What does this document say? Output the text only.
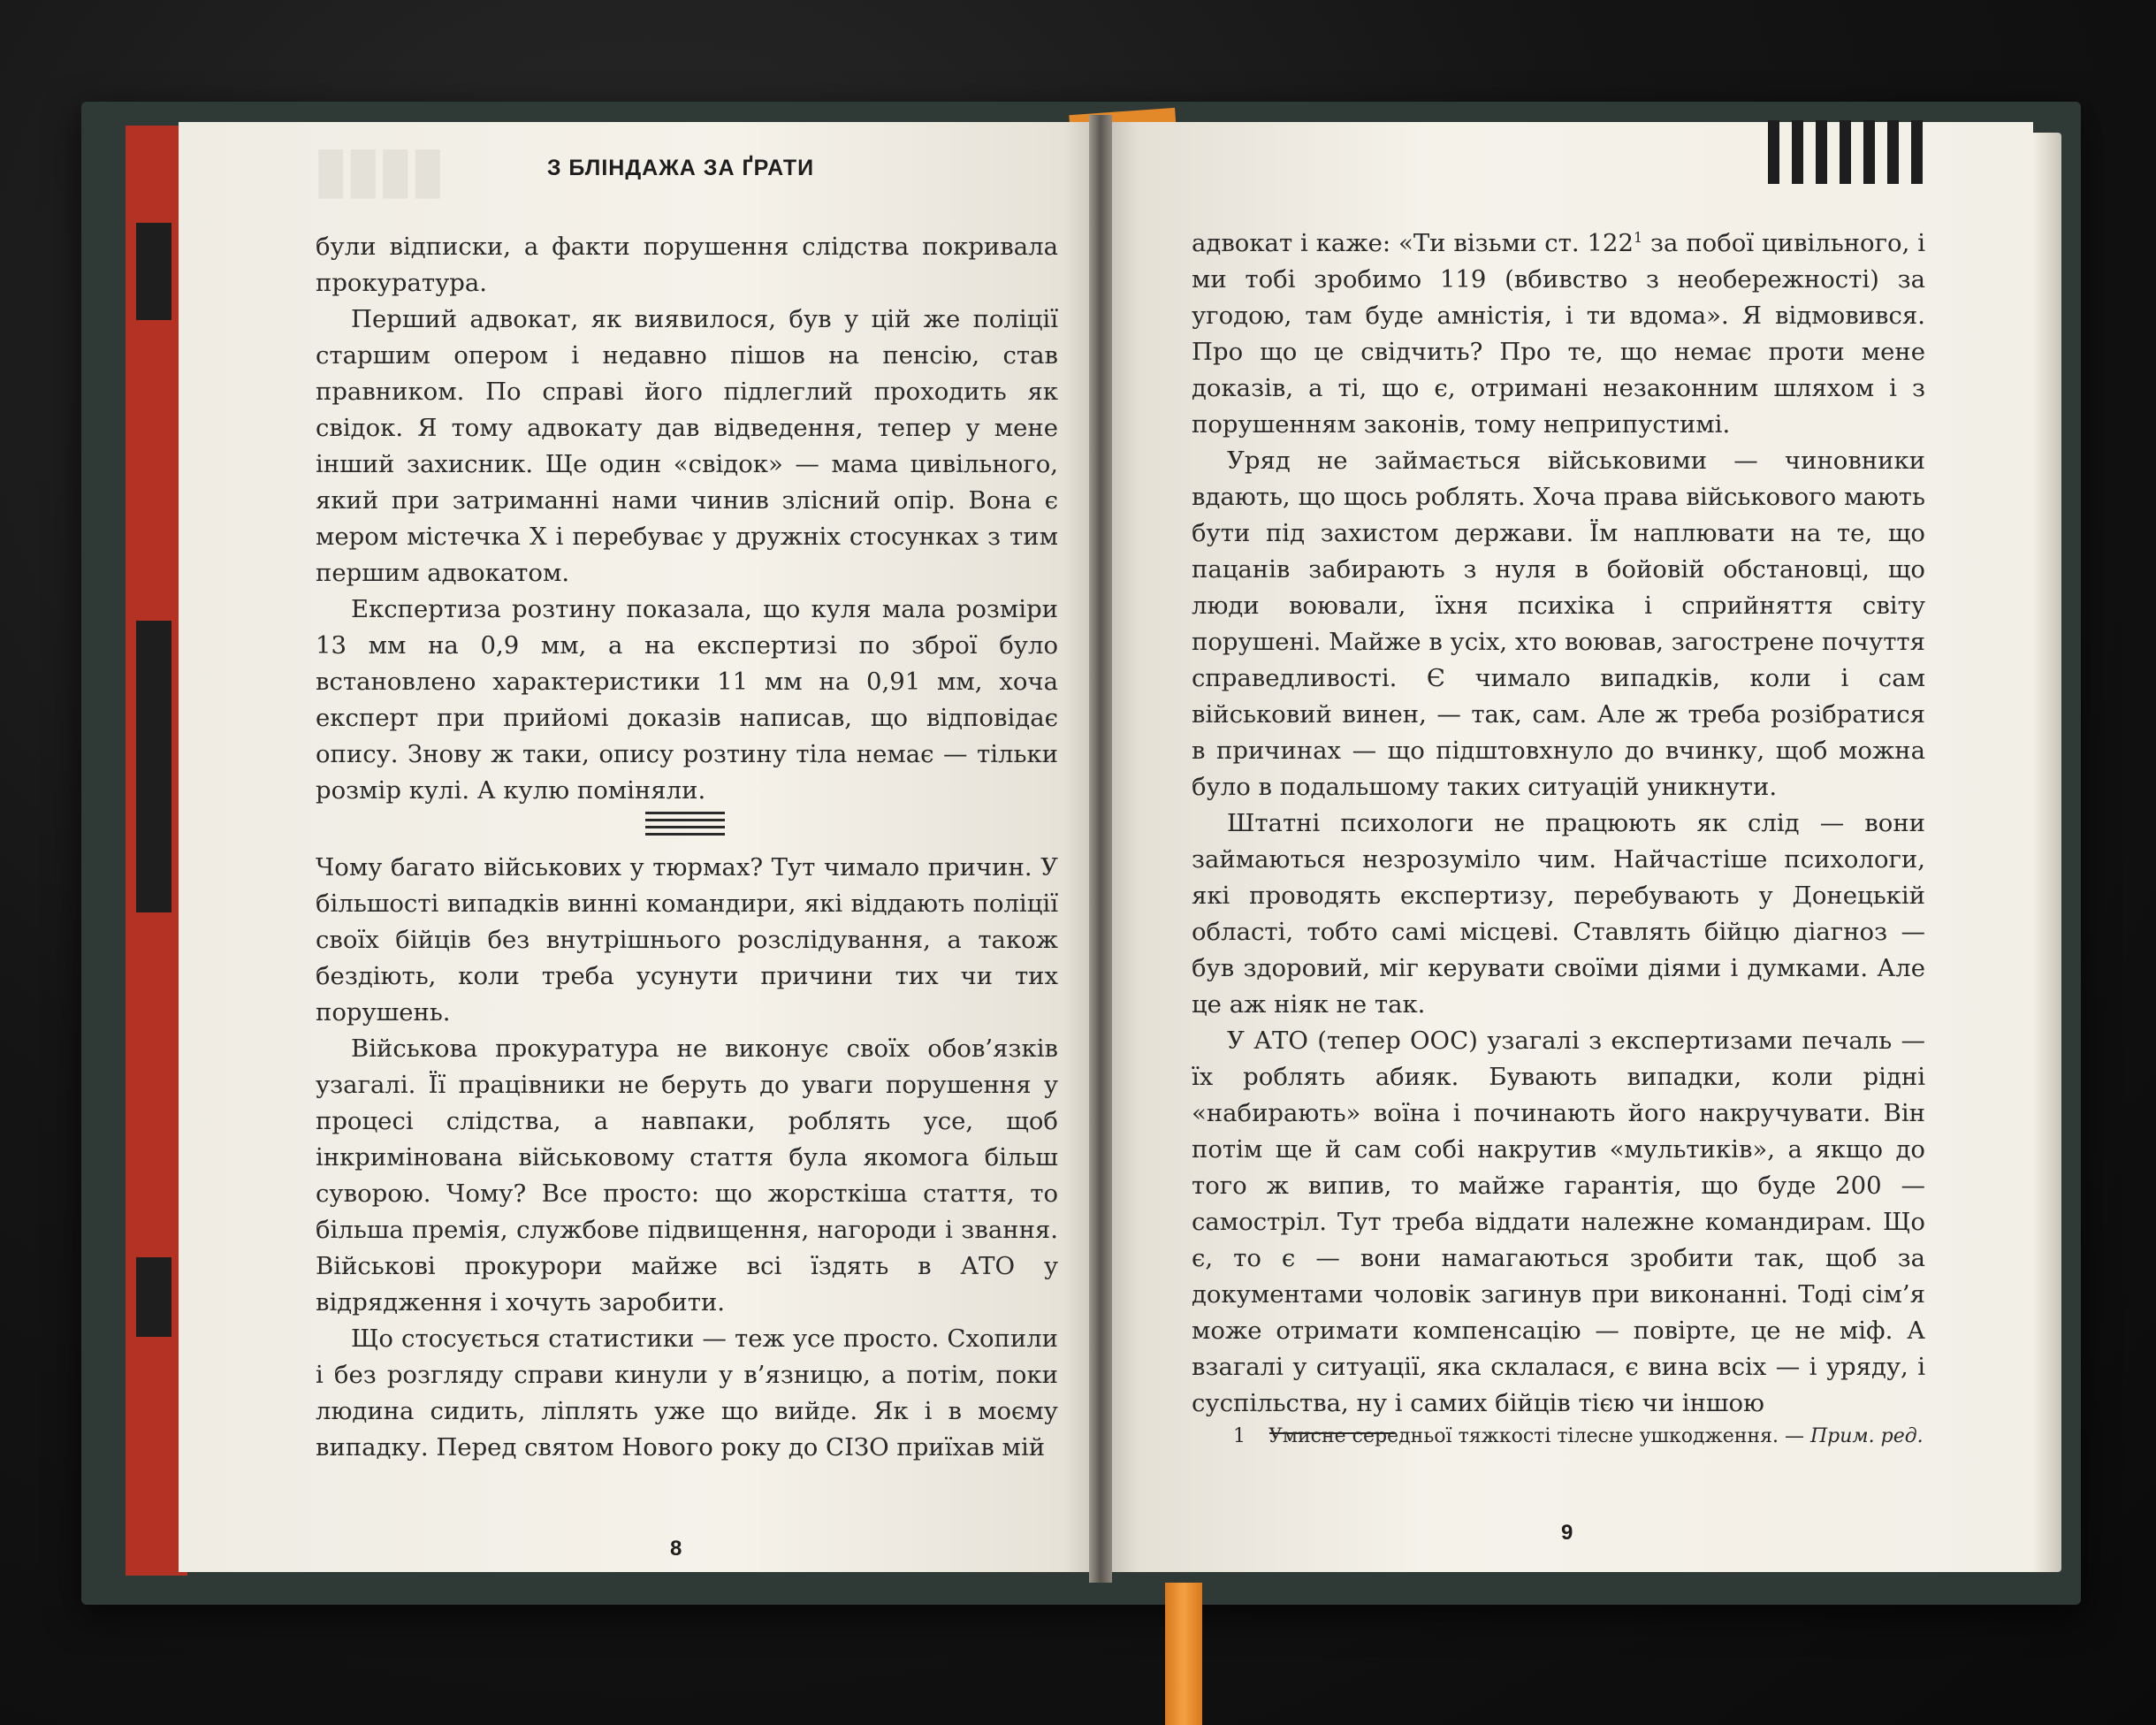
▮▮▮▮	З БЛІНДАЖА ЗА ҐРАТИ

були відписки, а факти порушення слідства покривала прокуратура.

Перший адвокат, як виявилося, був у цій же поліції старшим опером і недавно пішов на пенсію, став правником. По справі його підлеглий проходить як свідок. Я тому адвокату дав відведення, тепер у мене інший захисник. Ще один «свідок» — мама цивільного, який при затриманні нами чинив злісний опір. Вона є мером містечка Х і перебуває у дружніх стосунках з тим першим адвокатом.

Експертиза розтину показала, що куля мала розміри 13 мм на 0,9 мм, а на експертизі по зброї було встановлено характеристики 11 мм на 0,91 мм, хоча експерт при прийомі доказів написав, що відповідає опису. Знову ж таки, опису розтину тіла немає — тільки розмір кулі. А кулю поміняли.

Чому багато військових у тюрмах? Тут чимало причин. У більшості випадків винні командири, які віддають поліції своїх бійців без внутрішнього розслідування, а також бездіють, коли треба усунути причини тих чи тих порушень.

Військова прокуратура не виконує своїх обов’язків узагалі. Її працівники не беруть до уваги порушення у процесі слідства, а навпаки, роблять усе, щоб інкримінована військовому стаття була якомога більш суворою. Чому? Все просто: що жорсткіша стаття, то більша премія, службове підвищення, нагороди і звання. Військові прокурори майже всі їздять в АТО у відрядження і хочуть заробити.

Що стосується статистики — теж усе просто. Схопили і без розгляду справи кинули у в’язницю, а потім, поки людина сидить, ліплять уже що вийде. Як і в моєму випадку. Перед святом Нового року до СІЗО приїхав мій

8

адвокат і каже: «Ти візьми ст. $122^1$ за побої цивільного, і ми тобі зробимо 119 (вбивство з необережності) за угодою, там буде амністія, і ти вдома». Я відмовився. Про що це свідчить? Про те, що немає проти мене доказів, а ті, що є, отримані незаконним шляхом і з порушенням законів, тому неприпустимі.

Уряд не займається військовими — чиновники вдають, що щось роблять. Хоча права військового мають бути під захистом держави. Їм наплювати на те, що пацанів забирають з нуля в бойовій обстановці, що люди воювали, їхня психіка і сприйняття світу порушені. Майже в усіх, хто воював, загострене почуття справедливості. Є чимало випадків, коли і сам військовий винен, — так, сам. Але ж треба розібратися в причинах — що підштовхнуло до вчинку, щоб можна було в подальшому таких ситуацій уникнути.

Штатні психологи не працюють як слід — вони займаються незрозуміло чим. Найчастіше психологи, які проводять експертизу, перебувають у Донецькій області, тобто самі місцеві. Ставлять бійцю діагноз — був здоровий, міг керувати своїми діями і думками. Але це аж ніяк не так.

У АТО (тепер ООС) узагалі з експертизами печаль — їх роблять абияк. Бувають випадки, коли рідні «набирають» воїна і починають його накручувати. Він потім ще й сам собі накрутив «мультиків», а якщо до того ж випив, то майже гарантія, що буде 200 — самострiл. Тут треба віддати належне командирам. Що є, то є — вони намагаються зробити так, щоб за документами чоловік загинув при виконанні. Тоді сім’я може отримати компенсацію — повірте, це не міф. А взагалі у ситуації, яка склалася, є вина всіх — і уряду, і суспільства, ну і самих бійців тією чи іншою

1 Умисне середньої тяжкості тілесне ушкодження. — Прим. ред.
9
